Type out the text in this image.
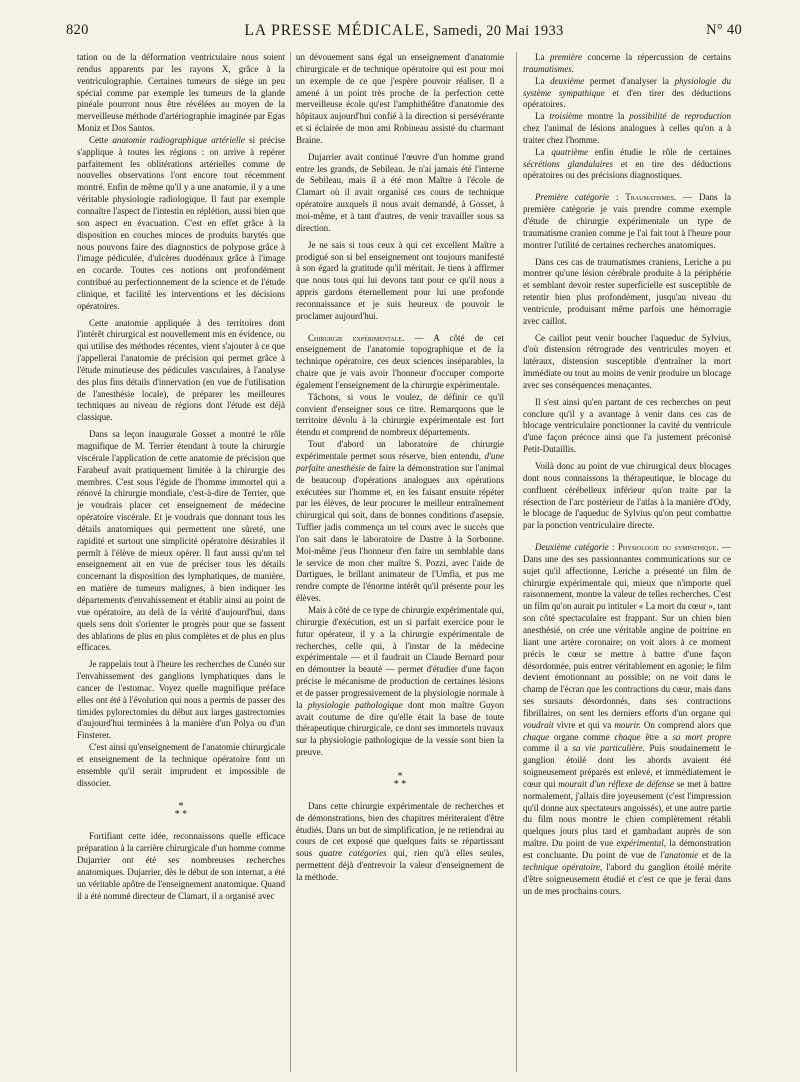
820	LA PRESSE MÉDICALE, Samedi, 20 Mai 1933	N° 40

tation ou de la déformation ventriculaire nous soient rendus apparents par les rayons X, grâce à la ventriculographie. Certaines tumeurs de siège un peu spécial comme par exemple les tumeurs de la glande pinéale pourront nous être révélées au moyen de la merveilleuse méthode d'artériographie imaginée par Egas Moniz et Dos Santos.

Cette anatomie radiographique artérielle si précise s'applique à toutes les régions : on arrive à repérer parfaitement les oblitérations artérielles comme de nouvelles observations l'ont encore tout récemment montré. Enfin de même qu'il y a une anatomie, il y a une véritable physiologie radiologique. Il faut par exemple connaître l'aspect de l'intestin en réplétion, aussi bien que son aspect en évacuation. C'est en effet grâce à la disposition en couches minces de produits barytés que nous pouvons faire des diagnostics de polypose grâce à l'image pédiculée, d'ulcères duodénaux grâce à l'image en cocarde. Toutes ces notions ont profondément contribué au perfectionnement de la science et de l'étude clinique, et facilité les interventions et les décisions opératoires.

Cette anatomie appliquée à des territoires dont l'intérêt chirurgical est nouvellement mis en évidence, ou qui utilise des méthodes récentes, vient s'ajouter à ce que j'appellerai l'anatomie de précision qui permet grâce à l'étude minutieuse des pédicules vasculaires, à l'analyse des plus fins détails d'innervation (en vue de l'utilisation de l'anesthésie locale), de préparer les meilleures techniques au niveau de régions dont l'étude est déjà classique.

Dans sa leçon inaugurale Gosset a montré le rôle magnifique de M. Terrier étendant à toute la chirurgie viscérale l'application de cette anatomie de précision que Farabeuf avait pratiquement limitée à la chirurgie des membres. C'est sous l'égide de l'homme immortel qui a rénové la chirurgie mondiale, c'est-à-dire de Terrier, que je voudrais placer cet enseignement de médecine opératoire viscérale. Et je voudrais que donnant tous les détails anatomiques qui permettent une sûreté, une rapidité et surtout une simplicité opératoire désirables il permît à l'élève de mieux opérer. Il faut aussi qu'un tel enseignement ait en vue de préciser tous les détails concernant la disposition des lymphatiques, de manière, en matière de tumeurs malignes, à bien indiquer les départements d'envahissement et établir ainsi au point de vue opératoire, au delà de la vérité d'aujourd'hui, dans quels sens doit s'orienter le progrès pour que se fassent des ablations de plus en plus complètes et de plus en plus efficaces.

Je rappelais tout à l'heure les recherches de Cunéo sur l'envahissement des ganglions lymphatiques dans le cancer de l'estomac. Voyez quelle magnifique préface elles ont été à l'évolution qui nous a permis de passer des timides pylorectomies du début aux larges gastrectomies d'aujourd'hui terminées à la manière d'un Polya ou d'un Finsterer.

C'est ainsi qu'enseignement de l'anatomie chirurgicale et enseignement de la technique opératoire font un ensemble qu'il serait imprudent et impossible de dissocier.

*
* *

Fortifiant cette idée, reconnaissons quelle efficace préparation à la carrière chirurgicale d'un homme comme Dujarrier ont été ses nombreuses recherches anatomiques. Dujarrier, dès le début de son internat, a été un véritable apôtre de l'enseignement anatomique. Quand il a été nommé directeur de Clamart, il a organisé avec

un dévouement sans égal un enseignement d'anatomie chirurgicale et de technique opératoire qui est pour moi un exemple de ce que j'espère pouvoir réaliser. Il a amené à un point très proche de la perfection cette merveilleuse école qu'est l'amphithéâtre d'anatomie des hôpitaux aujourd'hui confié à la direction si persévérante et si éclairée de mon ami Robineau assisté du charmant Braine.

Dujarrier avait continué l'œuvre d'un homme grand entre les grands, de Sebileau. Je n'ai jamais été l'interne de Sebileau, mais il a été mon Maître à l'école de Clamart où il avait organisé ces cours de technique opératoire auxquels il nous avait demandé, à Gosset, à moi-même, et à tant d'autres, de venir travailler sous sa direction.

Je ne sais si tous ceux à qui cet excellent Maître a prodigué son si bel enseignement ont toujours manifesté à son égard la gratitude qu'il méritait. Je tiens à affirmer que nous tous qui lui devons tant pour ce qu'il nous a appris gardons éternellement pour lui une profonde reconnaissance et je suis heureux de pouvoir le proclamer aujourd'hui.

Chirurgie expérimentale. — A côté de cet enseignement de l'anatomie topographique et de la technique opératoire, ces deux sciences inséparables, la chaire que je vais avoir l'honneur d'occuper comporte également l'enseignement de la chirurgie expérimentale.

Tâchons, si vous le voulez, de définir ce qu'il convient d'enseigner sous ce titre. Remarquons que le territoire dévolu à la chirurgie expérimentale est fort étendu et comprend de nombreux départements.

Tout d'abord un laboratoire de chirurgie expérimentale permet sous réserve, bien entendu, d'une parfaite anesthésie de faire la démonstration sur l'animal de beaucoup d'opérations analogues aux opérations exécutées sur l'homme et, en les faisant ensuite répéter par les élèves, de leur procurer le meilleur entraînement chirurgical qui soit, dans de bonnes conditions d'asepsie. Tuffier jadis commença un tel cours avec le succès que l'on sait dans le laboratoire de Dastre à la Sorbonne. Moi-même j'eus l'honneur d'en faire un semblable dans le service de mon cher maître S. Pozzi, avec l'aide de Dartigues, le brillant animateur de l'Umfia, et pus me rendre compte de l'énorme intérêt qu'il présente pour les élèves.

Mais à côté de ce type de chirurgie expérimentale qui, chirurgie d'exécution, est un si parfait exercice pour le futur opérateur, il y a la chirurgie expérimentale de recherches, celle qui, à l'instar de la médecine expérimentale — et il faudrait un Claude Bernard pour en démontrer la beauté — permet d'étudier d'une façon précise le mécanisme de production de certaines lésions et de passer progressivement de la physiologie normale à la physiologie pathologique dont mon maître Guyon avait coutume de dire qu'elle était la base de toute thérapeutique chirurgicale, ce dont ses immortels travaux sur la physiologie pathologique de la vessie sont bien la preuve.

*
* *

Dans cette chirurgie expérimentale de recherches et de démonstrations, bien des chapitres mériteraient d'être étudiés. Dans un but de simplification, je ne retiendrai au cours de cet exposé que quelques faits se répartissant sous quatre catégories qui, rien qu'à elles seules, permettent déjà d'entrevoir la valeur d'enseignement de la méthode.

La première concerne la répercussion de certains traumatismes.

La deuxième permet d'analyser la physiologie du système sympathique et d'en tirer des déductions opératoires.

La troisième montre la possibilité de reproduction chez l'animal de lésions analogues à celles qu'on a à traiter chez l'homme.

La quatrième enfin étudie le rôle de certaines sécrétions glandulaires et en tire des déductions opératoires ou des précisions diagnostiques.

Première catégorie : Traumatismes. — Dans la première catégorie je vais prendre comme exemple d'étude de chirurgie expérimentale un type de traumatisme cranien comme je l'ai fait tout à l'heure pour montrer l'utilité de certaines recherches anatomiques.

Dans ces cas de traumatismes craniens, Leriche a pu montrer qu'une lésion cérébrale produite à la périphérie et semblant devoir rester superficielle est susceptible de retentir bien plus profondément, jusqu'au niveau du ventricule, produisant même parfois une hémorragie avec caillot.

Ce caillot peut venir boucher l'aqueduc de Sylvius, d'où distension rétrograde des ventricules moyen et latéraux, distension susceptible d'entraîner la mort immédiate ou tout au moins de venir produire un blocage avec ses conséquences menaçantes.

Il s'est ainsi qu'en partant de ces recherches on peut conclure qu'il y a avantage à venir dans ces cas de blocage ventriculaire ponctionner la cavité du ventricule d'une façon précoce ainsi que l'a justement préconisé Petit-Dutaillis.

Voilà donc au point de vue chirurgical deux blocages dont nous connaissons la thérapeutique, le blocage du confluent cérébelleux inférieur qu'on traite par la résection de l'arc postérieur de l'atlas à la manière d'Ody, le blocage de l'aqueduc de Sylvius qu'on peut combattre par la ponction ventriculaire directe.

Deuxième catégorie : Physiologie du sympathique. — Dans une des ses passionnantes communications sur ce sujet qu'il affectionne, Leriche a présenté un film de chirurgie expérimentale qui, mieux que n'importe quel raisonnement, montre la valeur de telles recherches. C'est un film qu'on aurait pu intituler « La mort du cœur », tant son côté spectaculaire est frappant. Sur un chien bien anesthésié, on crée une véritable angine de poitrine en liant une artère coronaire; on voit alors à ce moment précis le cœur se mettre à battre d'une façon désordonnée, puis entrer véritablement en agonie; le film devient émotionnant au possible; on ne voit dans le champ de l'écran que les contractions du cœur, mais dans ses sursauts désordonnés, dans ses contractions fibrillaires, on sent les derniers efforts d'un organe qui voudrait vivre et qui va mourir. On comprend alors que chaque organe comme chaque être a sa mort propre comme il a sa vie particulière. Puis soudainement le ganglion étoilé dont les abords avaient été soigneusement préparés est enlevé, et immédiatement le cœur qui mourait d'un réflexe de défense se met à battre normalement, j'allais dire joyeusement (c'est l'impression qu'il donne aux spectateurs angoissés), et une autre partie du film nous montre le chien complètement rétabli quelques jours plus tard et gambadant auprès de son maître. Du point de vue expérimental, la démonstration est concluante. Du point de vue de l'anatomie et de la technique opératoire, l'abord du ganglion étoilé mérite d'être soigneusement étudié et c'est ce que je ferai dans un de mes prochains cours.
